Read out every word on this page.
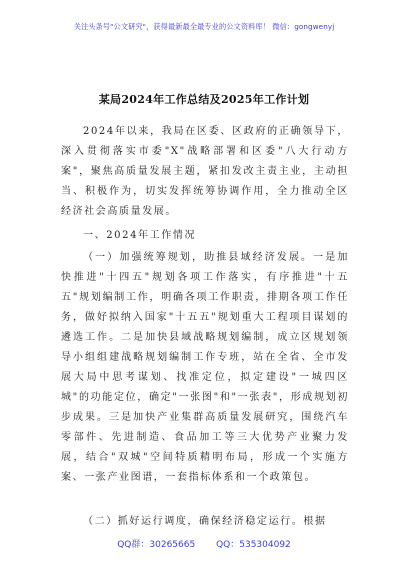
关注头条号"公文研究"，获得最新最全最专业的公文资料库！ 微信：gongwenyj
某局2024年工作总结及2025年工作计划

2024年以来，我局在区委、区政府的正确领导下，深入贯彻落实市委"X"战略部署和区委"八大行动方案"，聚焦高质量发展主题，紧扣发改主责主业，主动担当、积极作为，切实发挥统筹协调作用，全力推动全区经济社会高质量发展。

一、2024年工作情况

（一）加强统筹规划，助推县域经济发展。一是加快推进"十四五"规划各项工作落实，有序推进"十五五"规划编制工作，明确各项工作职责，排期各项工作任务，做好拟纳入国家"十五五"规划重大工程项目谋划的遴选工作。二是加快县域战略规划编制，成立区规划领导小组组建战略规划编制工作专班，站在全省、全市发展大局中思考谋划、找准定位，拟定建设"一城四区城"的功能定位，确定"一张图"和"一张表"，形成规划初步成果。三是加快产业集群高质量发展研究，围绕汽车零部件、先进制造、食品加工等三大优势产业聚力发展，结合"双城"空间特质精明布局，形成一个实施方案、一张产业图谱，一套指标体系和一个政策包。

（二）抓好运行调度，确保经济稳定运行。根据

QQ群：30265665 QQ：535304092
